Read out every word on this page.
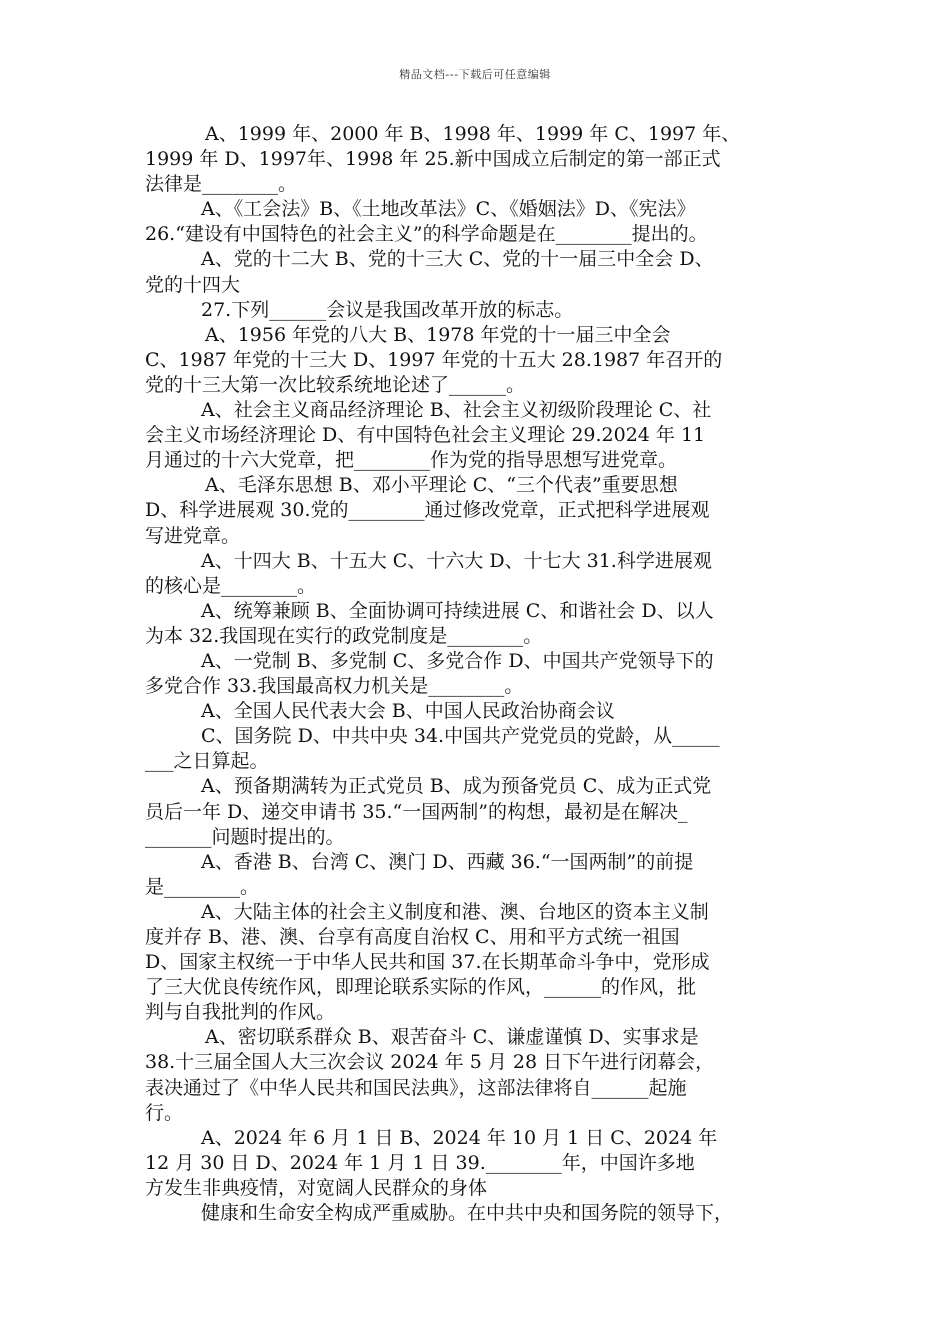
精品文档---下载后可任意编辑
A、1999 年、2000 年 B、1998 年、1999 年 C、1997 年、
1999 年 D、1997年、1998 年 25.新中国成立后制定的第一部正式
法律是________。
A、《工会法》B、《土地改革法》C、《婚姻法》D、《宪法》
26.“建设有中国特色的社会主义”的科学命题是在________提出的。
A、党的十二大 B、党的十三大 C、党的十一届三中全会 D、
党的十四大
27.下列______会议是我国改革开放的标志。
A、1956 年党的八大 B、1978 年党的十一届三中全会
C、1987 年党的十三大 D、1997 年党的十五大 28.1987 年召开的
党的十三大第一次比较系统地论述了______。
A、社会主义商品经济理论 B、社会主义初级阶段理论 C、社
会主义市场经济理论 D、有中国特色社会主义理论 29.2024 年 11
月通过的十六大党章，把________作为党的指导思想写进党章。
A、毛泽东思想 B、邓小平理论 C、“三个代表”重要思想
D、科学进展观 30.党的________通过修改党章，正式把科学进展观
写进党章。
A、十四大 B、十五大 C、十六大 D、十七大 31.科学进展观
的核心是________。
A、统筹兼顾 B、全面协调可持续进展 C、和谐社会 D、以人
为本 32.我国现在实行的政党制度是________。
A、一党制 B、多党制 C、多党合作 D、中国共产党领导下的
多党合作 33.我国最高权力机关是________。
A、全国人民代表大会 B、中国人民政治协商会议
C、国务院 D、中共中央 34.中国共产党党员的党龄，从_____
___之日算起。
A、预备期满转为正式党员 B、成为预备党员 C、成为正式党
员后一年 D、递交申请书 35.“一国两制”的构想，最初是在解决_
_______问题时提出的。
A、香港 B、台湾 C、澳门 D、西藏 36.“一国两制”的前提
是________。
A、大陆主体的社会主义制度和港、澳、台地区的资本主义制
度并存 B、港、澳、台享有高度自治权 C、用和平方式统一祖国
D、国家主权统一于中华人民共和国 37.在长期革命斗争中，党形成
了三大优良传统作风，即理论联系实际的作风，______的作风，批
判与自我批判的作风。
A、密切联系群众 B、艰苦奋斗 C、谦虚谨慎 D、实事求是
38.十三届全国人大三次会议 2024 年 5 月 28 日下午进行闭幕会，
表决通过了《中华人民共和国民法典》，这部法律将自______起施
行。
A、2024 年 6 月 1 日 B、2024 年 10 月 1 日 C、2024 年
12 月 30 日 D、2024 年 1 月 1 日 39.________年，中国许多地
方发生非典疫情，对宽阔人民群众的身体
健康和生命安全构成严重威胁。在中共中央和国务院的领导下，
